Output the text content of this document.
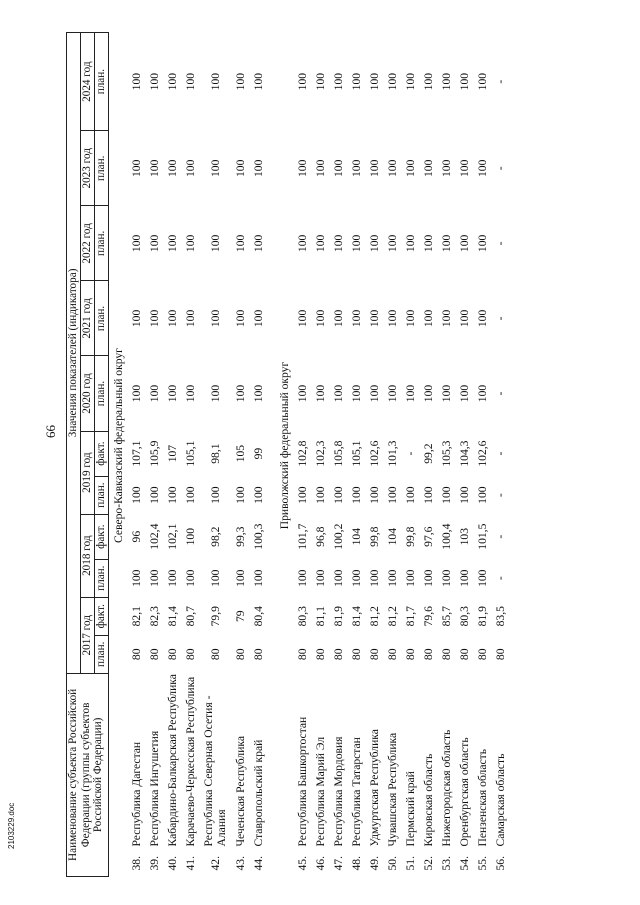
66
2103229.doc	Наименование субъекта Российской Федерации (группы субъектов Российской Федерации)		Значения показателей (индикатора)										
		2017 год		2018 год		2019 год		2020 год	2021 год	2022 год	2023 год	2024 год
		план.	факт.	план.	факт.	план.	факт.	план.	план.	план.	план.	план.
Северо-Кавказский федеральный округ												
38.	Республика Дагестан	80	82,1	100	96	100	107,1	100	100	100	100	100
39.	Республика Ингушетия	80	82,3	100	102,4	100	105,9	100	100	100	100	100
40.	Кабардино-Балкарская Республика	80	81,4	100	102,1	100	107	100	100	100	100	100
41.	Карачаево-Черкесская Республика	80	80,7	100	100	100	105,1	100	100	100	100	100
42.	Республика Северная Осетия - Алания	80	79,9	100	98,2	100	98,1	100	100	100	100	100
43.	Чеченская Республика	80	79	100	99,3	100	105	100	100	100	100	100
44.	Ставропольский край	80	80,4	100	100,3	100	99	100	100	100	100	100

Приволжский федеральный округ												
45.	Республика Башкортостан	80	80,3	100	101,7	100	102,8	100	100	100	100	100
46.	Республика Марий Эл	80	81,1	100	96,8	100	102,3	100	100	100	100	100
47.	Республика Мордовия	80	81,9	100	100,2	100	105,8	100	100	100	100	100
48.	Республика Татарстан	80	81,4	100	104	100	105,1	100	100	100	100	100
49.	Удмуртская Республика	80	81,2	100	99,8	100	102,6	100	100	100	100	100
50.	Чувашская Республика	80	81,2	100	104	100	101,3	100	100	100	100	100
51.	Пермский край	80	81,7	100	99,8	100	-	100	100	100	100	100
52.	Кировская область	80	79,6	100	97,6	100	99,2	100	100	100	100	100
53.	Нижегородская область	80	85,7	100	100,4	100	105,3	100	100	100	100	100
54.	Оренбургская область	80	80,3	100	103	100	104,3	100	100	100	100	100
55.	Пензенская область	80	81,9	100	101,5	100	102,6	100	100	100	100	100
56.	Самарская область	80	83,5	-	-	-	-	-	-	-	-	-
